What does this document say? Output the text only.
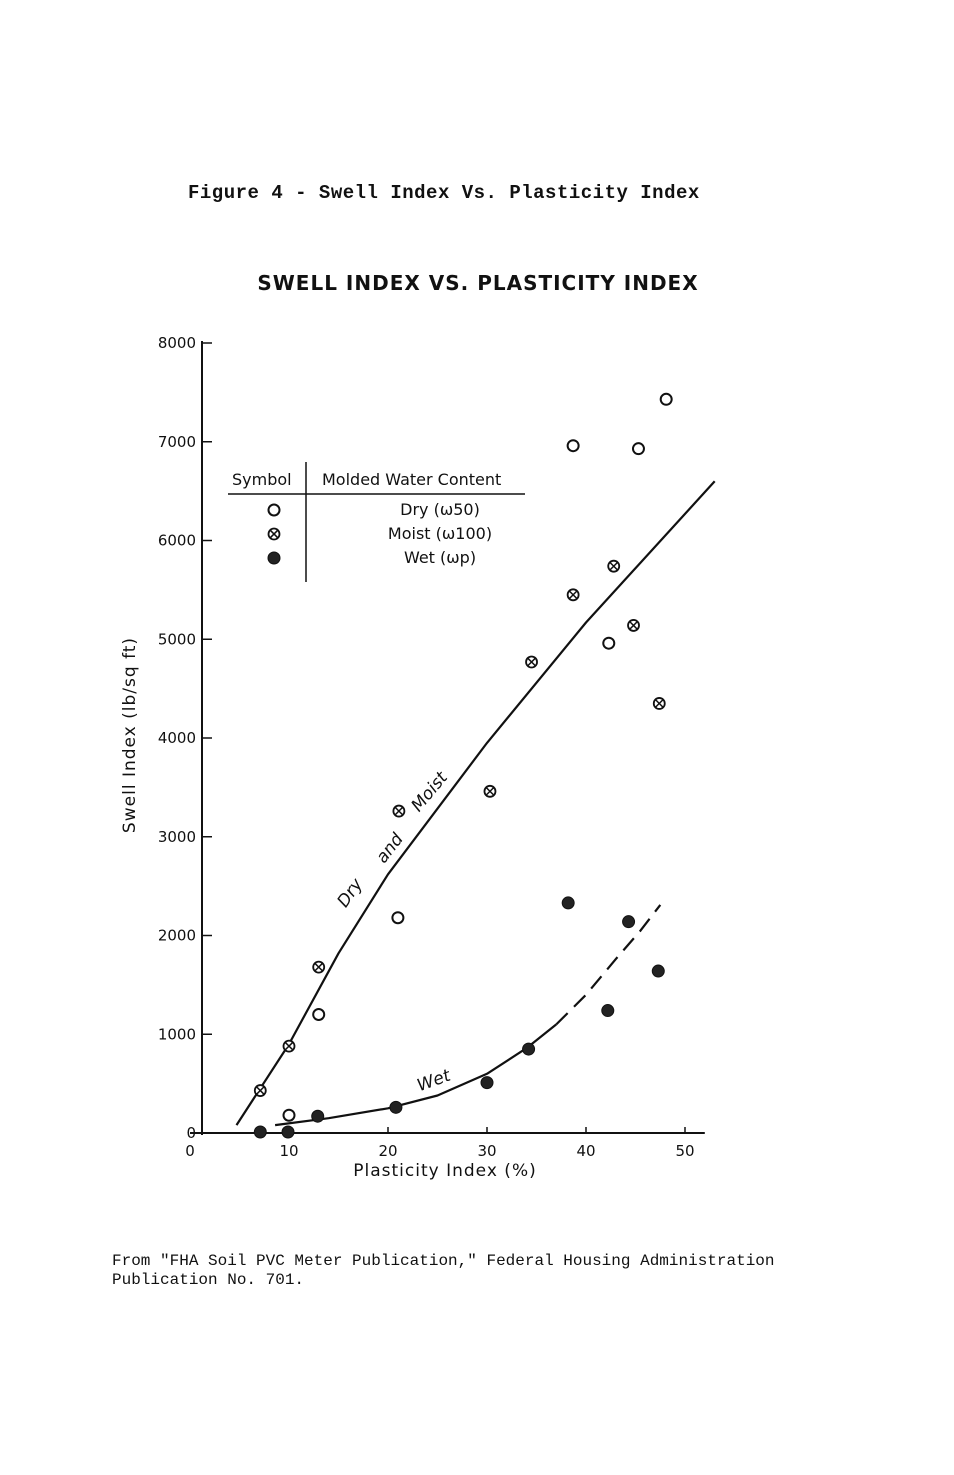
Figure 4 - Swell Index Vs. Plasticity Index
SWELL INDEX VS. PLASTICITY INDEX
0
1000
2000
3000
4000
5000
6000
7000
8000
0	10	20	30	40	50
Dry
and
Moist
Wet
Symbol Molded Water Content
Dry (ω50)
Moist (ω100)
Wet (ωp)
Plasticity Index (%)
Swell Index (lb/sq ft)
From "FHA Soil PVC Meter Publication," Federal Housing Administration
Publication No. 701.
